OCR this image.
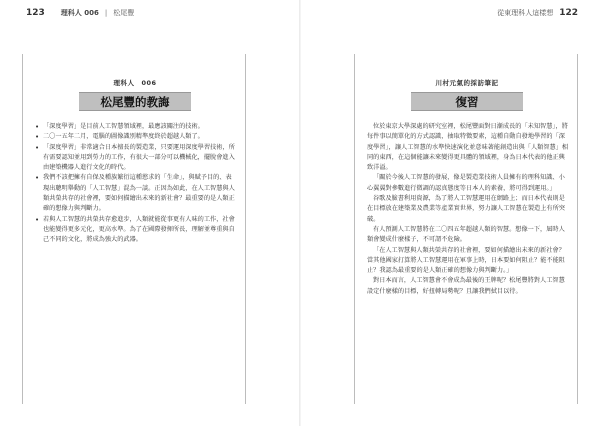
123 理科人 006 | 松尾豐
理科人　006
松尾豐的教誨
• 「深度學習」是目前人工智慧領域裡，最應該關注的技術。
• 二〇一五年二月，電腦的圖像識別精準度終於超越人類了。
• 「深度學習」非常適合日本擅長的製造業，只要運用深度學習技術，所有需要認知並用到勞力的工作，有很大一部分可以機械化，擺脫會進入由建築機器人進行文化的時代。
• 我們不該把擁有自保及種族繁衍這種慾求的「生命」，與賦予目的、表現出聰明舉動的「人工智慧」混為一談。正因為如此，在人工智慧與人類共榮共存的社會裡，要如何描繪出未來的新社會？最重要的是人類正確的想像力與判斷力。
• 若與人工智慧的共榮共存愈進步，人類就能從事更有人味的工作，社會也能變得更多元化，更高水準。為了在國際發揮所長，理解並尊重與自己不同的文化，將成為強大的武器。
從東理科人這樣想 122
川村元氣的採訪筆記
復習

位於東京大學深處的研究室裡，松尾豐面對日漸成長的「未知智慧」，將每件事以簡單化的方式認識，抽取特徵要素，這種自動自發地學習的「深度學習」，讓人工智慧的水準快速演化並意味著能創造出與「人類智慧」相同的東西，在這個能讓未來變得更具體的領域裡，身為日本代表的他正興致洋溢。

「關於今後人工智慧的發展，像是製造業技術人員擁有的理科知識、小心翼翼對參數進行微調的認真態度等日本人的素養，將可得到運用。」

谷歌及臉書利用資源，為了將人工智慧運用在網路上；而日本代表則是在目標放在建築業及農業等產業實世界，努力讓人工智慧在製造上有所突破。

有人預測人工智慧將在二〇四五年超越人類的智慧。想像一下，屆時人類會變成什麼樣子，不可謂不危險。

「在人工智慧與人類共榮共存的社會裡，要如何描繪出未來的新社會？當其他國家打算將人工智慧運用在軍事上時，日本要如何阻止？能不能阻止？我認為最重要的是人類正確的想像力與判斷力。」

對日本而言，人工智慧會不會成為最後的王牌呢？松尾豐將對人工智慧設定什麼樣的目標，好扭轉局勢呢？且讓我們拭目以待。
